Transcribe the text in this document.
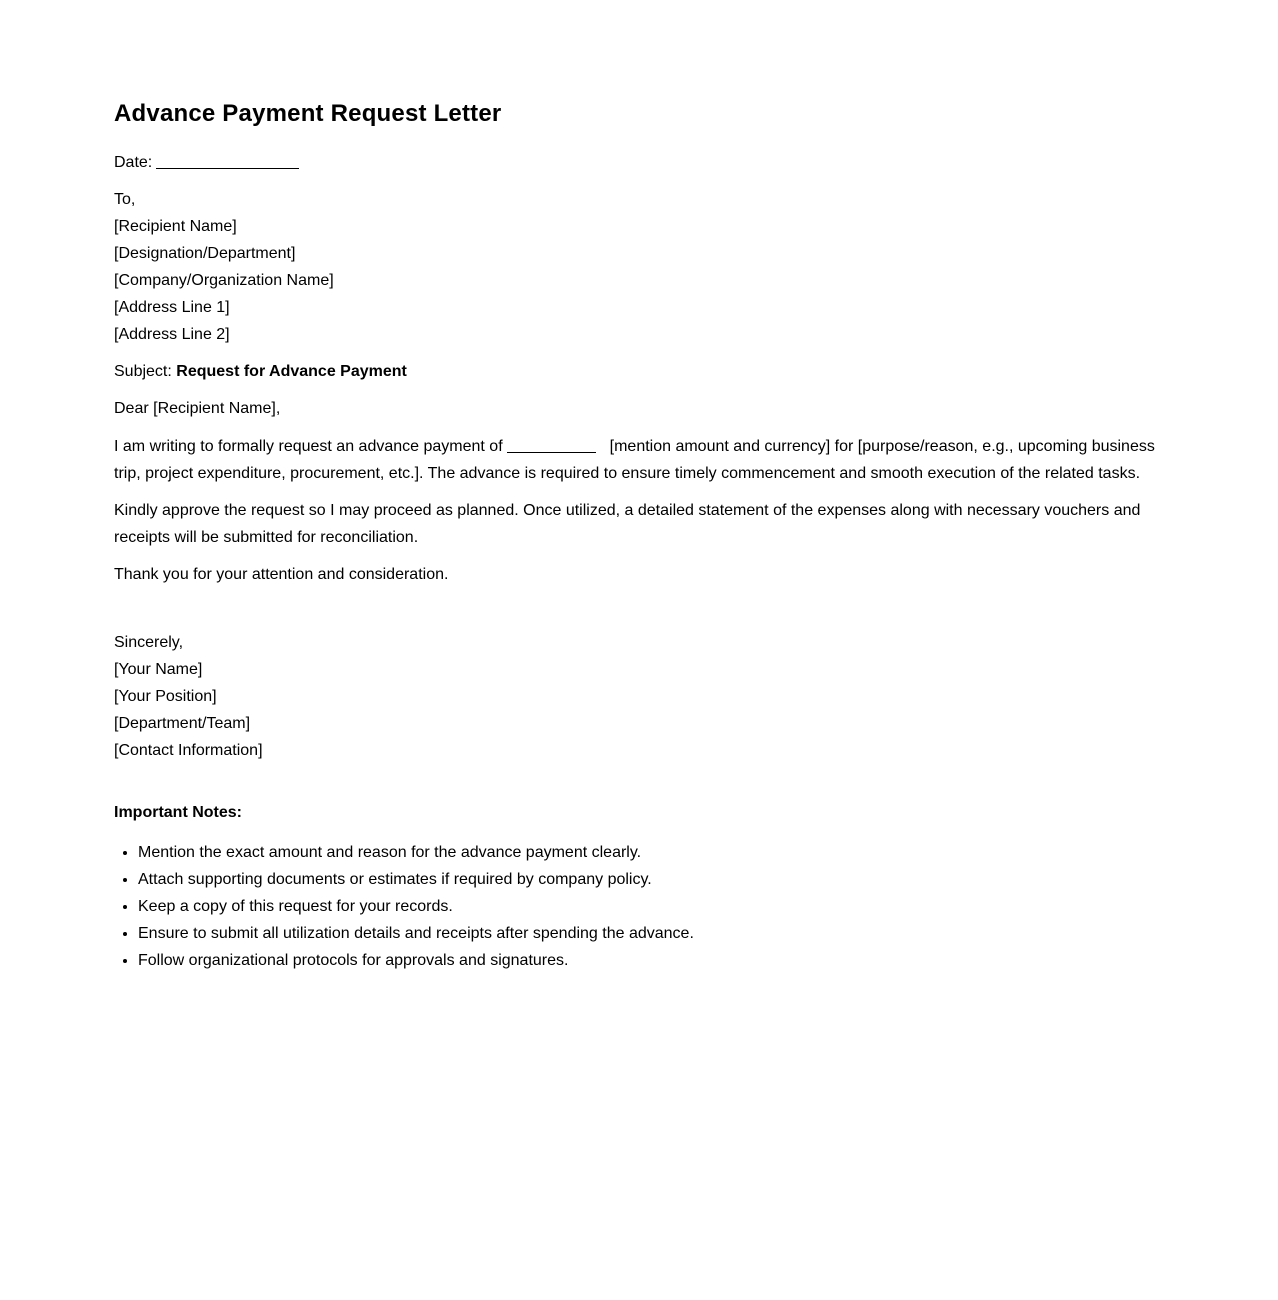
Advance Payment Request Letter
Date:
To,
[Recipient Name]
[Designation/Department]
[Company/Organization Name]
[Address Line 1]
[Address Line 2]

Subject: Request for Advance Payment

Dear [Recipient Name],

I am writing to formally request an advance payment of	[mention amount and currency] for [purpose/reason, e.g., upcoming business trip, project expenditure, procurement, etc.]. The advance is required to ensure timely commencement and smooth execution of the related tasks.

Kindly approve the request so I may proceed as planned. Once utilized, a detailed statement of the expenses along with necessary vouchers and receipts will be submitted for reconciliation.

Thank you for your attention and consideration.

Sincerely,
[Your Name]
[Your Position]
[Department/Team]
[Contact Information]
Important Notes:
• Mention the exact amount and reason for the advance payment clearly.
• Attach supporting documents or estimates if required by company policy.
• Keep a copy of this request for your records.
• Ensure to submit all utilization details and receipts after spending the advance.
• Follow organizational protocols for approvals and signatures.
